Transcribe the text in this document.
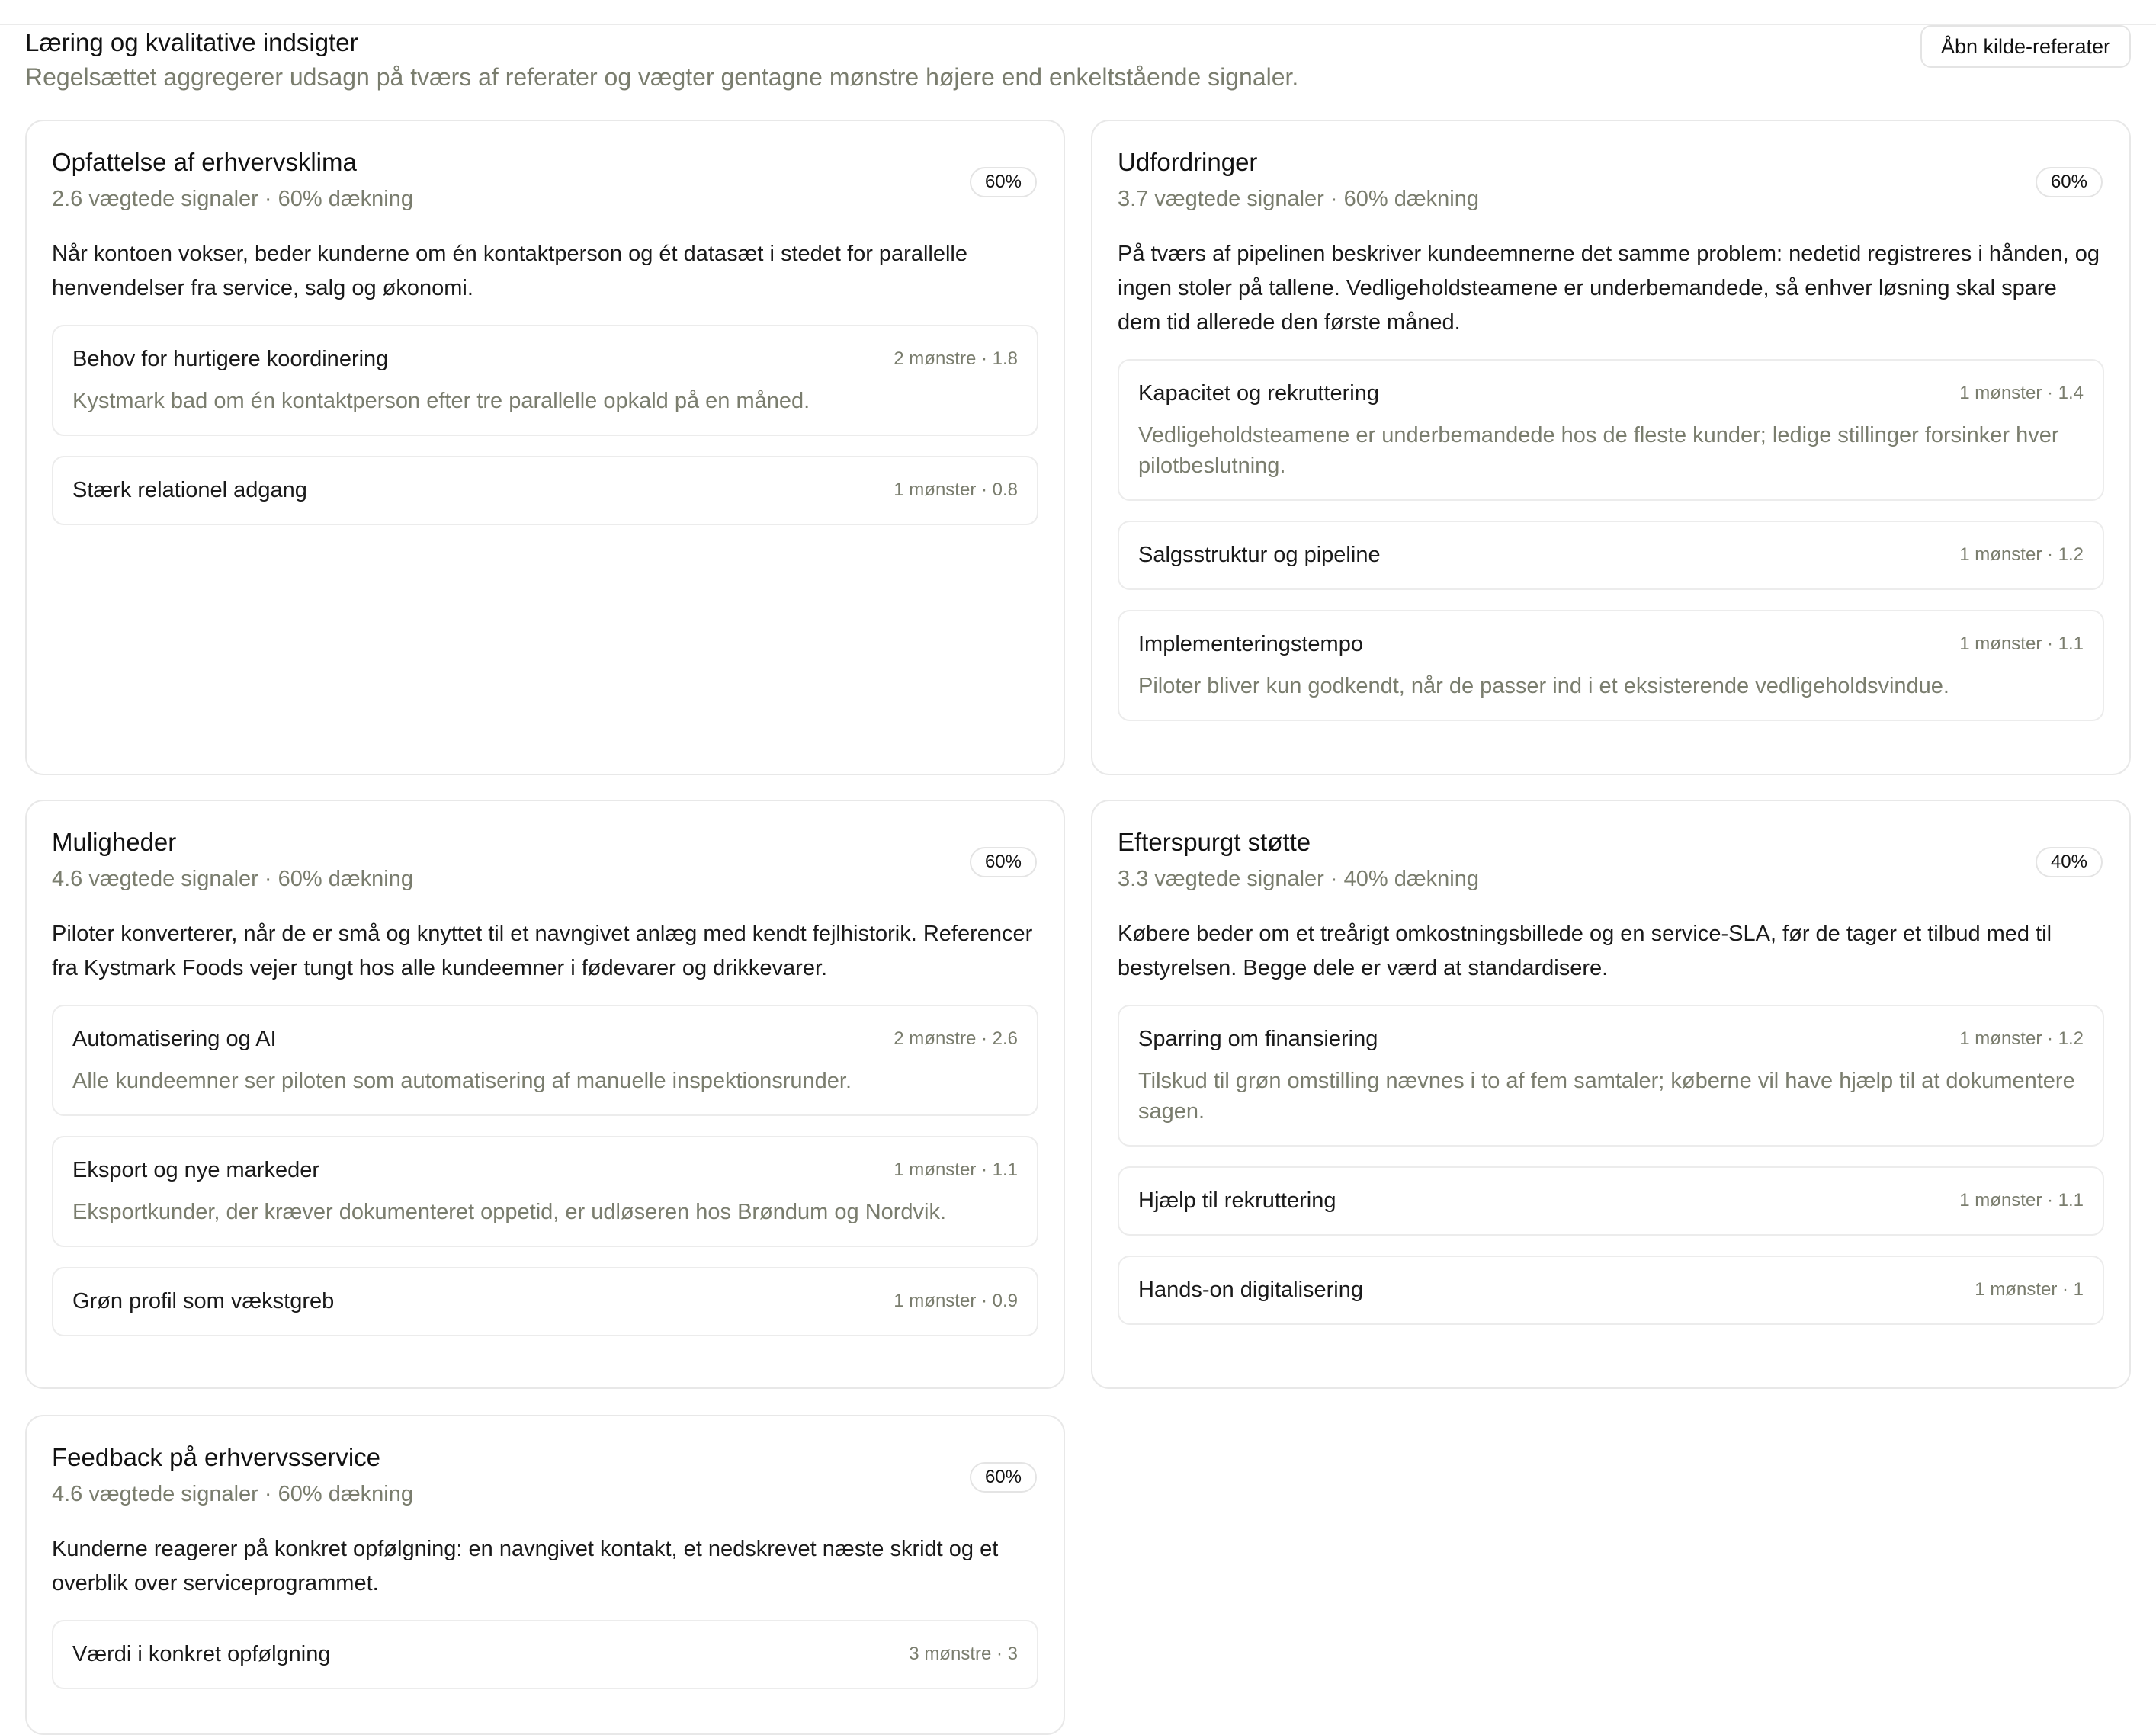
Læring og kvalitative indsigter
Regelsættet aggregerer udsagn på tværs af referater og vægter gentagne mønstre højere end enkeltstående signaler.
Åbn kilde-referater
Opfattelse af erhvervsklima
2.6 vægtede signaler · 60% dækning
60%
Når kontoen vokser, beder kunderne om én kontaktperson og ét datasæt i stedet for parallelle henvendelser fra service, salg og økonomi.
Behov for hurtigere koordinering	2 mønstre · 1.8
Kystmark bad om én kontaktperson efter tre parallelle opkald på en måned.
Stærk relationel adgang	1 mønster · 0.8
Udfordringer
3.7 vægtede signaler · 60% dækning
60%
På tværs af pipelinen beskriver kundeemnerne det samme problem: nedetid registreres i hånden, og ingen stoler på tallene. Vedligeholdsteamene er underbemandede, så enhver løsning skal spare dem tid allerede den første måned.
Kapacitet og rekruttering	1 mønster · 1.4
Vedligeholdsteamene er underbemandede hos de fleste kunder; ledige stillinger forsinker hver pilotbeslutning.
Salgsstruktur og pipeline	1 mønster · 1.2
Implementeringstempo	1 mønster · 1.1
Piloter bliver kun godkendt, når de passer ind i et eksisterende vedligeholdsvindue.
Muligheder
4.6 vægtede signaler · 60% dækning
60%
Piloter konverterer, når de er små og knyttet til et navngivet anlæg med kendt fejlhistorik. Referencer fra Kystmark Foods vejer tungt hos alle kundeemner i fødevarer og drikkevarer.
Automatisering og AI	2 mønstre · 2.6
Alle kundeemner ser piloten som automatisering af manuelle inspektionsrunder.
Eksport og nye markeder	1 mønster · 1.1
Eksportkunder, der kræver dokumenteret oppetid, er udløseren hos Brøndum og Nordvik.
Grøn profil som vækstgreb	1 mønster · 0.9
Efterspurgt støtte
3.3 vægtede signaler · 40% dækning
40%
Købere beder om et treårigt omkostningsbillede og en service-SLA, før de tager et tilbud med til bestyrelsen. Begge dele er værd at standardisere.
Sparring om finansiering	1 mønster · 1.2
Tilskud til grøn omstilling nævnes i to af fem samtaler; køberne vil have hjælp til at dokumentere sagen.
Hjælp til rekruttering	1 mønster · 1.1
Hands-on digitalisering	1 mønster · 1
Feedback på erhvervsservice
4.6 vægtede signaler · 60% dækning
60%
Kunderne reagerer på konkret opfølgning: en navngivet kontakt, et nedskrevet næste skridt og et overblik over serviceprogrammet.
Værdi i konkret opfølgning	3 mønstre · 3
